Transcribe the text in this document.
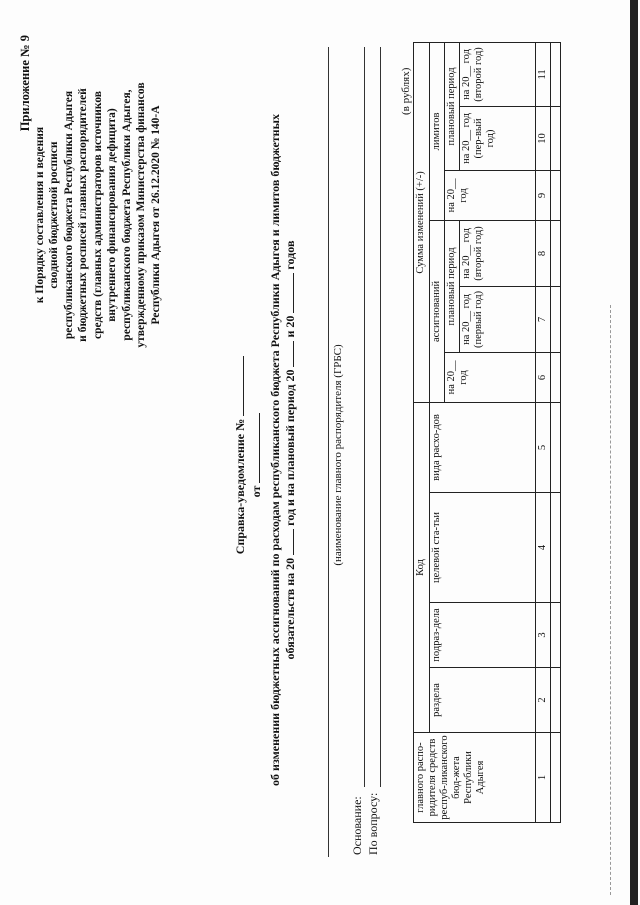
Приложение № 9
к Порядку составления и ведения сводной бюджетной росписи республиканского бюджета Республики Адыгея и бюджетных росписей главных распорядителей средств (главных администраторов источников внутреннего финансирования дефицита) республиканского бюджета Республики Адыгея, утвержденному приказом Министерства финансов Республики Адыгея от 26.12.2020 № 140-А
Справка-уведомление № от об изменении бюджетных ассигнований по расходам республиканского бюджета Республики Адыгея и лимитов бюджетных обязательств на 20  год и на плановый период 20  и 20  годов
(наименование главного распорядителя (ГРБС)
Основание: По вопросу:
(в рублях)
главного распо-ридителя средств респуб-ликанского бюд-жета Республики Адыгея	Код				Сумма изменений (+/-)					
	раздела	подраз-дела	целевой ста-тьи	вида расхо-дов	ассигнований			лимитов		
					на 20__ год	плановый период		на 20__ год	плановый период	
						на 20__ год (первый год)	на 20__ год (второй год)		на 20__ год (пер-вый год)	на 20__ год (второй год)
1	2	3	4	5	6	7	8	9	10	11
